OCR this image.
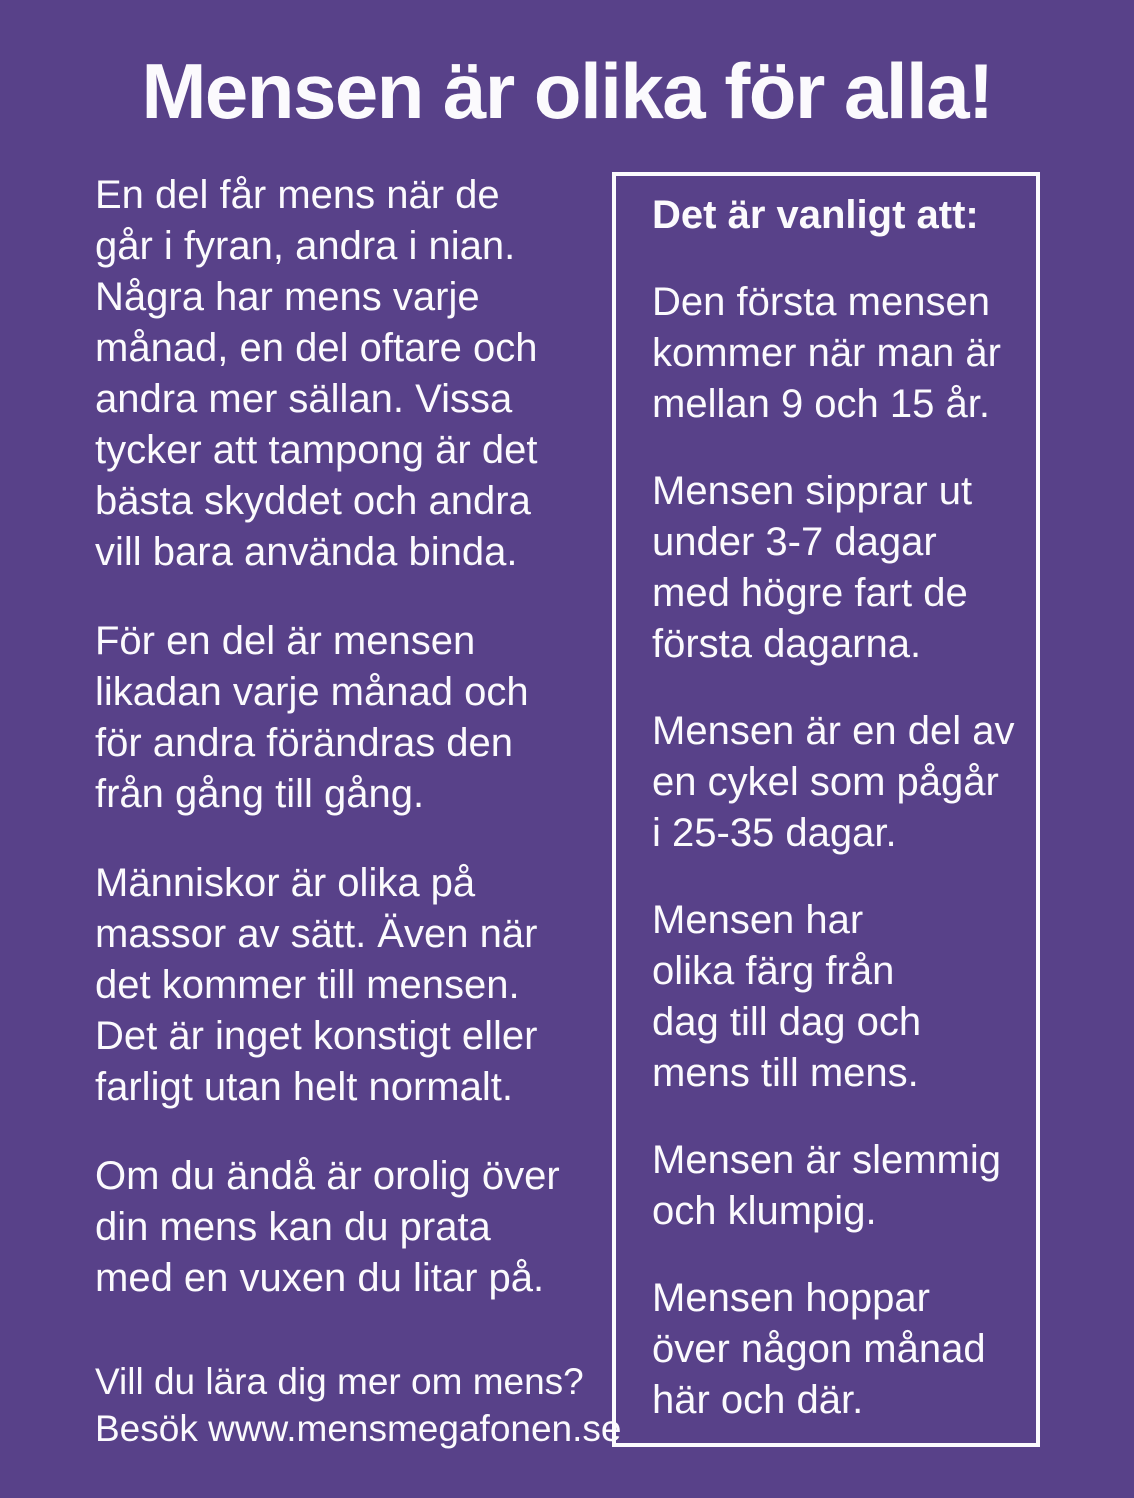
Mensen är olika för alla!

En del får mens när de
går i fyran, andra i nian.
Några har mens varje
månad, en del oftare och
andra mer sällan. Vissa
tycker att tampong är det
bästa skyddet och andra
vill bara använda binda.

För en del är mensen
likadan varje månad och
för andra förändras den
från gång till gång.

Människor är olika på
massor av sätt. Även när
det kommer till mensen.
Det är inget konstigt eller
farligt utan helt normalt.

Om du ändå är orolig över
din mens kan du prata
med en vuxen du litar på.

Vill du lära dig mer om mens?
Besök www.mensmegafonen.se

Det är vanligt att:

Den första mensen
kommer när man är
mellan 9 och 15 år.

Mensen sipprar ut
under 3-7 dagar
med högre fart de
första dagarna.

Mensen är en del av
en cykel som pågår
i 25-35 dagar.

Mensen har
olika färg från
dag till dag och
mens till mens.

Mensen är slemmig
och klumpig.

Mensen hoppar
över någon månad
här och där.
